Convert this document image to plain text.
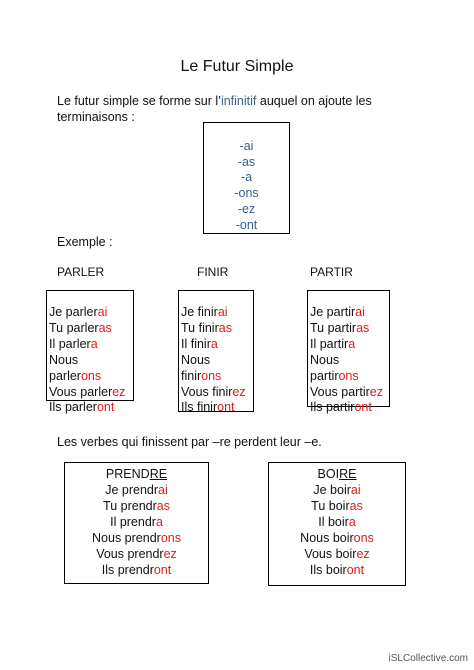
Le Futur Simple
Le futur simple se forme sur l’infinitif auquel on ajoute les terminaisons :
-ai
-as
-a
-ons
-ez
-ont
Exemple :
PARLER	FINIR	PARTIR
Je parlerai
Tu parleras
Il parlera
Nous parlerons
Vous parlerez
Ils parleront
Je finirai
Tu finiras
Il finira
Nous finirons
Vous finirez
Ils finiront
Je partirai
Tu partiras
Il partira
Nous partirons
Vous partirez
Ils partiront
Les verbes qui finissent par –re perdent leur –e.
PRENDRE
Je prendrai
Tu prendras
Il prendra
Nous prendrons
Vous prendrez
Ils prendront
BOIRE
Je boirai
Tu boiras
Il boira
Nous boirons
Vous boirez
Ils boiront
iSLCollective.com
